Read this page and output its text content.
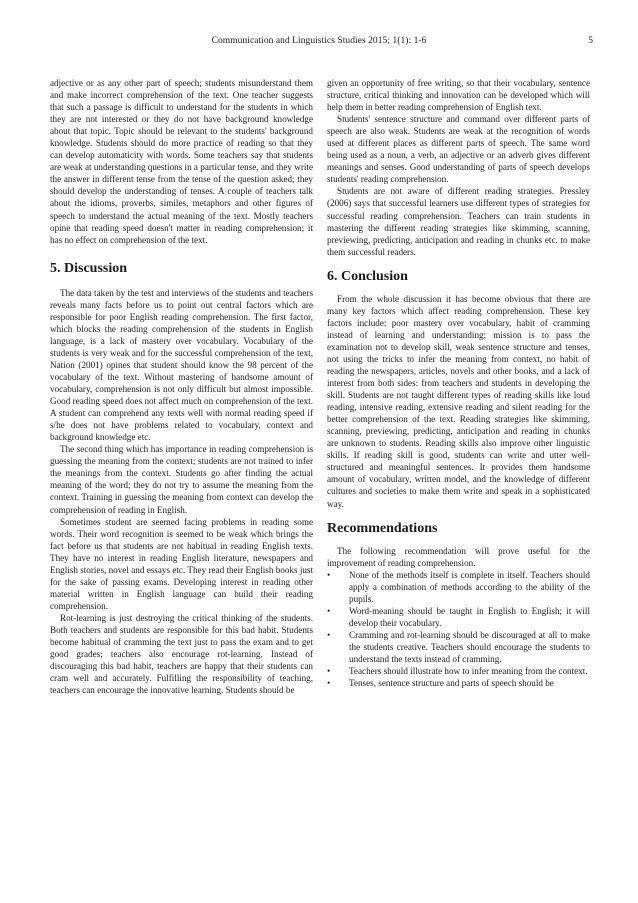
Communication and Linguistics Studies 2015; 1(1): 1-6	5

adjective or as any other part of speech; students misunderstand them and make incorrect comprehension of the text. One teacher suggests that such a passage is difficult to understand for the students in which they are not interested or they do not have background knowledge about that topic. Topic should be relevant to the students' background knowledge. Students should do more practice of reading so that they can develop automaticity with words. Some teachers say that students are weak at understanding questions in a particular tense, and they write the answer in different tense from the tense of the question asked; they should develop the understanding of tenses. A couple of teachers talk about the idioms, proverbs, similes, metaphors and other figures of speech to understand the actual meaning of the text. Mostly teachers opine that reading speed doesn't matter in reading comprehension; it has no effect on comprehension of the text.

5. Discussion

The data taken by the test and interviews of the students and teachers reveals many facts before us to point out central factors which are responsible for poor English reading comprehension. The first factor, which blocks the reading comprehension of the students in English language, is a lack of mastery over vocabulary. Vocabulary of the students is very weak and for the successful comprehension of the text, Nation (2001) opines that student should know the 98 percent of the vocabulary of the text. Without mastering of handsome amount of vocabulary, comprehension is not only difficult but almost impossible. Good reading speed does not affect much on comprehension of the text. A student can comprehend any texts well with normal reading speed if s/he does not have problems related to vocabulary, context and background knowledge etc.

The second thing which has importance in reading comprehension is guessing the meaning from the context; students are not trained to infer the meanings from the context. Students go after finding the actual meaning of the word; they do not try to assume the meaning from the context. Training in guessing the meaning from context can develop the comprehension of reading in English.

Sometimes student are seemed facing problems in reading some words. Their word recognition is seemed to be weak which brings the fact before us that students are not habitual in reading English texts. They have no interest in reading English literature, newspapers and English stories, novel and essays etc. They read their English books just for the sake of passing exams. Developing interest in reading other material written in English language can build their reading comprehension.

Rot-learning is just destroying the critical thinking of the students. Both teachers and students are responsible for this bad habit. Students become habitual of cramming the text just to pass the exam and to get good grades; teachers also encourage rot-learning. Instead of discouraging this bad habit, teachers are happy that their students can cram well and accurately. Fulfilling the responsibility of teaching, teachers can encourage the innovative learning. Students should be

given an opportunity of free writing, so that their vocabulary, sentence structure, critical thinking and innovation can be developed which will help them in better reading comprehension of English text.

Students' sentence structure and command over different parts of speech are also weak. Students are weak at the recognition of words used at different places as different parts of speech. The same word being used as a noun, a verb, an adjective or an adverb gives different meanings and senses. Good understanding of parts of speech develops students' reading comprehension.

Students are not aware of different reading strategies. Pressley (2006) says that successful learners use different types of strategies for successful reading comprehension. Teachers can train students in mastering the different reading strategies like skimming, scanning, previewing, predicting, anticipation and reading in chunks etc. to make them successful readers.

6. Conclusion

From the whole discussion it has become obvious that there are many key factors which affect reading comprehension. These key factors include: poor mastery over vocabulary, habit of cramming instead of learning and understanding; mission is to pass the examination not to develop skill, weak sentence structure and tenses, not using the tricks to infer the meaning from context, no habit of reading the newspapers, articles, novels and other books, and a lack of interest from both sides: from teachers and students in developing the skill. Students are not taught different types of reading skills like loud reading, intensive reading, extensive reading and silent reading for the better comprehension of the text. Reading strategies like skimming, scanning, previewing, predicting, anticipation and reading in chunks are unknown to students. Reading skills also improve other linguistic skills. If reading skill is good, students can write and utter well-structured and meaningful sentences. It provides them handsome amount of vocabulary, written model, and the knowledge of different cultures and societies to make them write and speak in a sophisticated way.

Recommendations

The following recommendation will prove useful for the improvement of reading comprehension.

• None of the methods itself is complete in itself. Teachers should apply a combination of methods according to the ability of the pupils.
• Word-meaning should be taught in English to English; it will develop their vocabulary.
• Cramming and rot-learning should be discouraged at all to make the students creative. Teachers should encourage the students to understand the texts instead of cramming.
• Teachers should illustrate how to infer meaning from the context.
• Tenses, sentence structure and parts of speech should be
